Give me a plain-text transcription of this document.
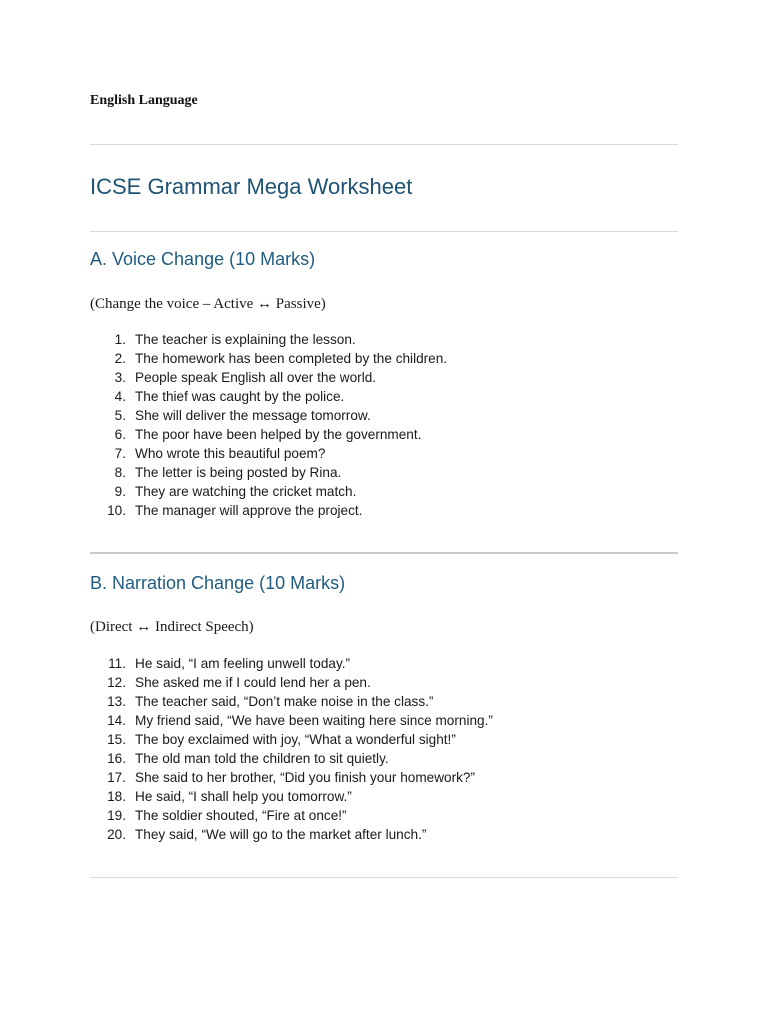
English Language
ICSE Grammar Mega Worksheet
A. Voice Change (10 Marks)
(Change the voice – Active ↔ Passive)
1. The teacher is explaining the lesson.
2. The homework has been completed by the children.
3. People speak English all over the world.
4. The thief was caught by the police.
5. She will deliver the message tomorrow.
6. The poor have been helped by the government.
7. Who wrote this beautiful poem?
8. The letter is being posted by Rina.
9. They are watching the cricket match.
10. The manager will approve the project.
B. Narration Change (10 Marks)
(Direct ↔ Indirect Speech)
11. He said, “I am feeling unwell today.”
12. She asked me if I could lend her a pen.
13. The teacher said, “Don’t make noise in the class.”
14. My friend said, “We have been waiting here since morning.”
15. The boy exclaimed with joy, “What a wonderful sight!”
16. The old man told the children to sit quietly.
17. She said to her brother, “Did you finish your homework?”
18. He said, “I shall help you tomorrow.”
19. The soldier shouted, “Fire at once!”
20. They said, “We will go to the market after lunch.”
